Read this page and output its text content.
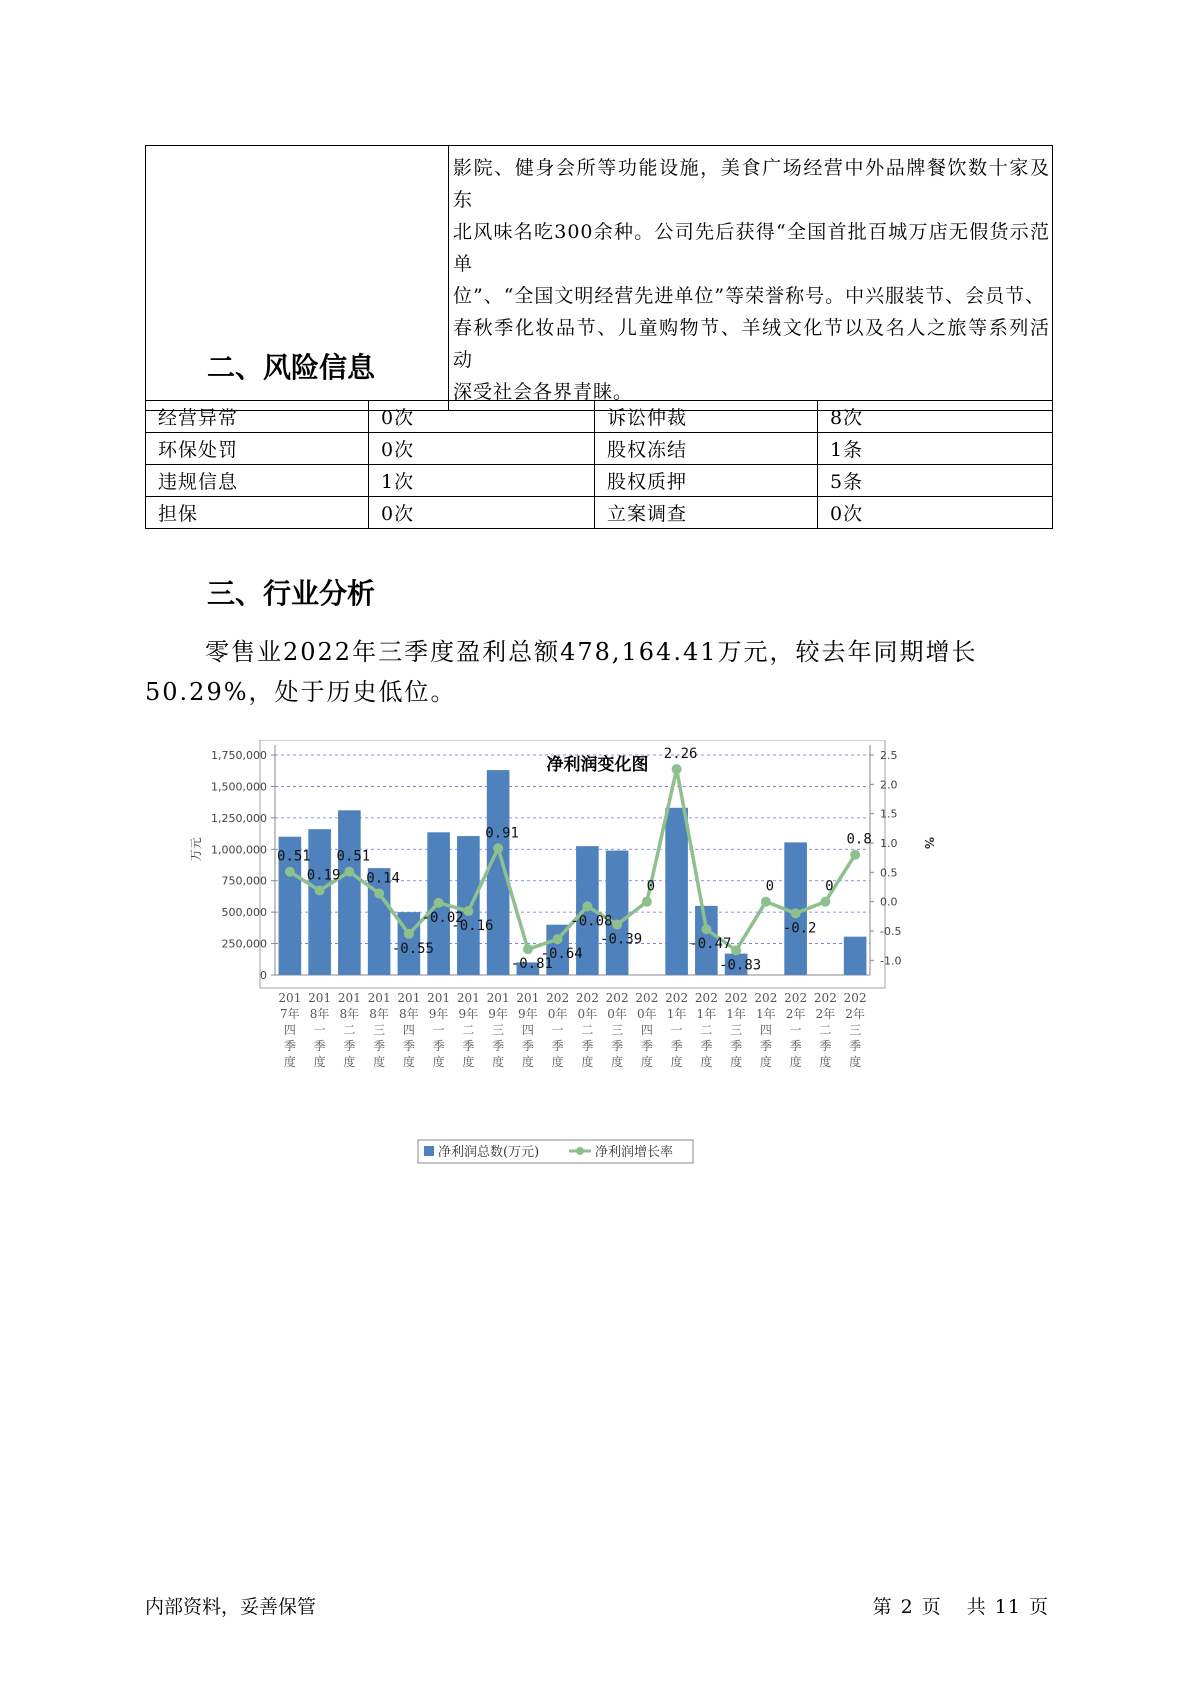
影院、健身会所等功能设施，美食广场经营中外品牌餐饮数十家及东
北风味名吃300余种。公司先后获得“全国首批百城万店无假货示范单
位”、“全国文明经营先进单位”等荣誉称号。中兴服装节、会员节、
春秋季化妆品节、儿童购物节、羊绒文化节以及名人之旅等系列活动
深受社会各界青睐。
二、风险信息
经营异常	0次	诉讼仲裁	8次
环保处罚	0次	股权冻结	1条
违规信息	1次	股权质押	5条
担保	0次	立案调查	0次
三、行业分析

零售业2022年三季度盈利总额478,164.41万元，较去年同期增长50.29%，处于历史低位。

净利润变化图
0
250,000
500,000
750,000
1,000,000
1,250,000
1,500,000
1,750,000
-1.0
-0.5
0.0
0.5
1.0
1.5
2.0
2.5
万元	%
0.51
0.19
0.51
0.14
-0.55
-0.02
-0.16
0.91
-0.81
-0.64
-0.08
-0.39
0
2.26
-0.47
-0.83
0
-0.2
0
0.8
201 7年四季度
201 8年一季度
201 8年二季度
201 8年三季度
201 8年四季度
201 9年一季度
201 9年二季度
201 9年三季度
201 9年四季度
202 0年一季度
202 0年二季度
202 0年三季度
202 0年四季度
202 1年一季度
202 1年二季度
202 1年三季度
202 1年四季度
202 2年一季度
202 2年二季度
202 2年三季度
净利润总数(万元)	净利润增长率
内部资料，妥善保管	第 2 页 共 11 页
